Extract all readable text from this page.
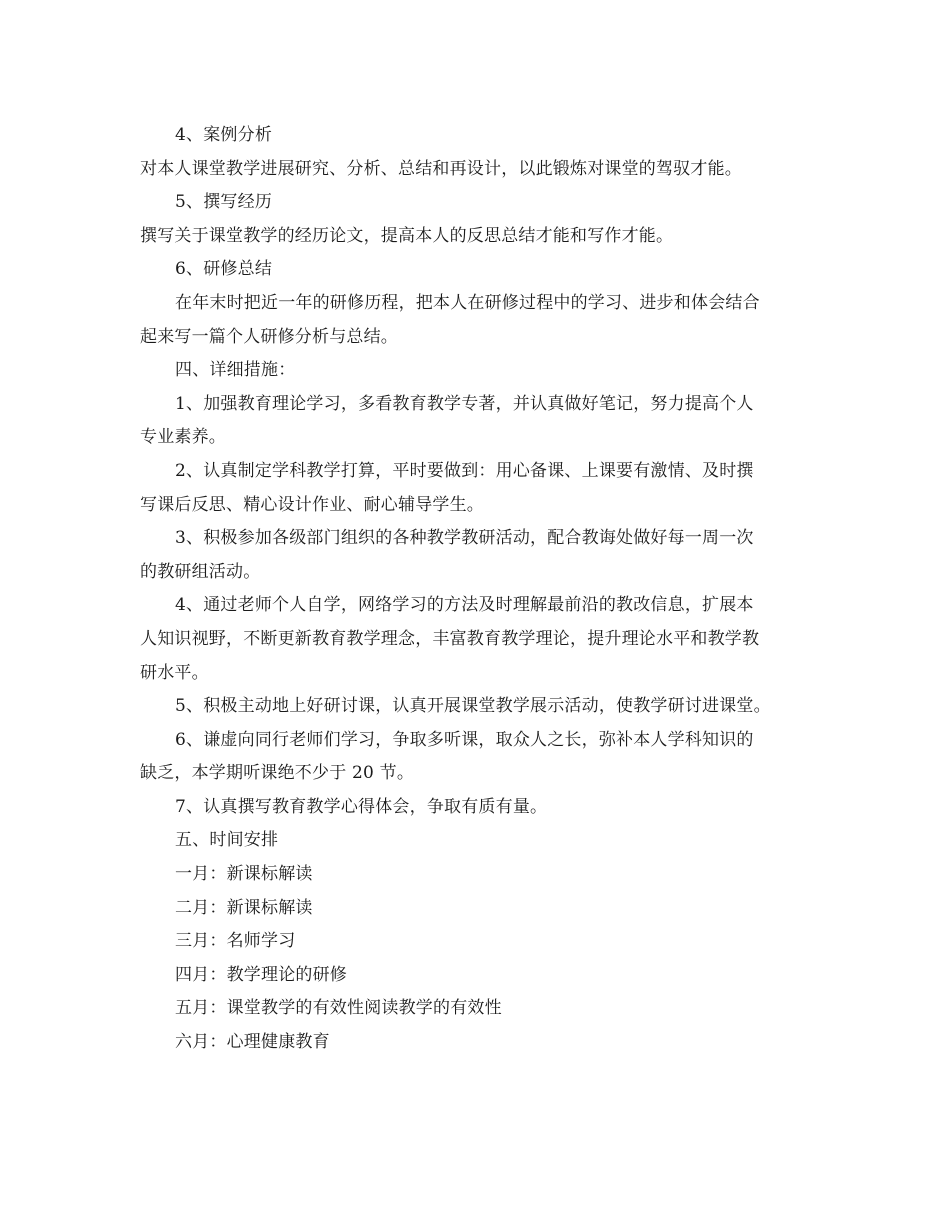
4、案例分析
对本人课堂教学进展研究、分析、总结和再设计，以此锻炼对课堂的驾驭才能。
5、撰写经历
撰写关于课堂教学的经历论文，提高本人的反思总结才能和写作才能。
6、研修总结
在年末时把近一年的研修历程，把本人在研修过程中的学习、进步和体会结合
起来写一篇个人研修分析与总结。
四、详细措施：
1、加强教育理论学习，多看教育教学专著，并认真做好笔记，努力提高个人
专业素养。
2、认真制定学科教学打算，平时要做到：用心备课、上课要有激情、及时撰
写课后反思、精心设计作业、耐心辅导学生。
3、积极参加各级部门组织的各种教学教研活动，配合教诲处做好每一周一次
的教研组活动。
4、通过老师个人自学，网络学习的方法及时理解最前沿的教改信息，扩展本
人知识视野，不断更新教育教学理念，丰富教育教学理论，提升理论水平和教学教
研水平。
5、积极主动地上好研讨课，认真开展课堂教学展示活动，使教学研讨进课堂。
6、谦虚向同行老师们学习，争取多听课，取众人之长，弥补本人学科知识的
缺乏，本学期听课绝不少于 20 节。
7、认真撰写教育教学心得体会，争取有质有量。
五、时间安排
一月：新课标解读
二月：新课标解读
三月：名师学习
四月：教学理论的研修
五月：课堂教学的有效性阅读教学的有效性
六月：心理健康教育
